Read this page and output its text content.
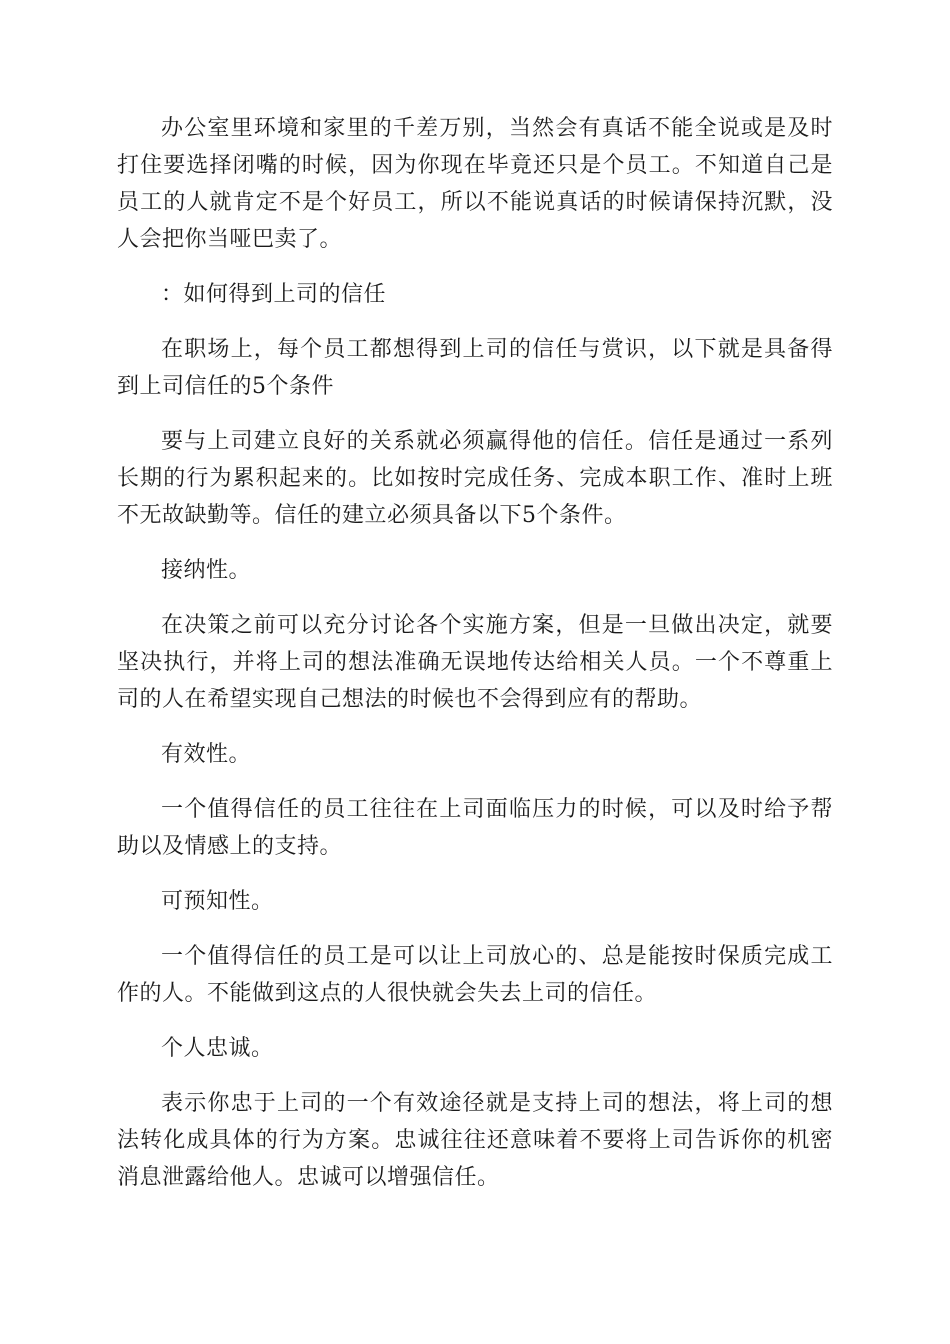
办公室里环境和家里的千差万别，当然会有真话不能全说或是及时打住要选择闭嘴的时候，因为你现在毕竟还只是个员工。不知道自己是员工的人就肯定不是个好员工，所以不能说真话的时候请保持沉默，没人会把你当哑巴卖了。

：如何得到上司的信任

在职场上，每个员工都想得到上司的信任与赏识，以下就是具备得到上司信任的5个条件

要与上司建立良好的关系就必须赢得他的信任。信任是通过一系列长期的行为累积起来的。比如按时完成任务、完成本职工作、准时上班不无故缺勤等。信任的建立必须具备以下5个条件。

接纳性。

在决策之前可以充分讨论各个实施方案，但是一旦做出决定，就要坚决执行，并将上司的想法准确无误地传达给相关人员。一个不尊重上司的人在希望实现自己想法的时候也不会得到应有的帮助。

有效性。

一个值得信任的员工往往在上司面临压力的时候，可以及时给予帮助以及情感上的支持。

可预知性。

一个值得信任的员工是可以让上司放心的、总是能按时保质完成工作的人。不能做到这点的人很快就会失去上司的信任。

个人忠诚。

表示你忠于上司的一个有效途径就是支持上司的想法，将上司的想法转化成具体的行为方案。忠诚往往还意味着不要将上司告诉你的机密消息泄露给他人。忠诚可以增强信任。
